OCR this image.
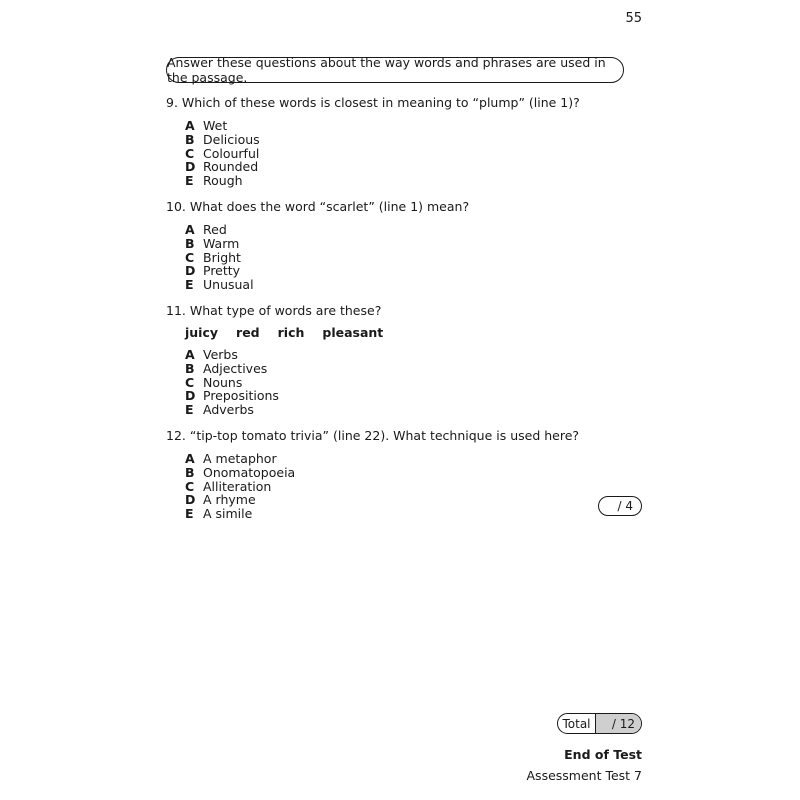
55
Answer these questions about the way words and phrases are used in the passage.
9. Which of these words is closest in meaning to “plump” (line 1)?
A Wet
B Delicious
C Colourful
D Rounded
E Rough
10. What does the word “scarlet” (line 1) mean?
A Red
B Warm
C Bright
D Pretty
E Unusual
11. What type of words are these?
juicy red rich pleasant
A Verbs
B Adjectives
C Nouns
D Prepositions
E Adverbs
12. “tip-top tomato trivia” (line 22). What technique is used here?
A A metaphor
B Onomatopoeia
C Alliteration
D A rhyme
E A simile
/ 4
Total	/ 12
End of Test
Assessment Test 7
